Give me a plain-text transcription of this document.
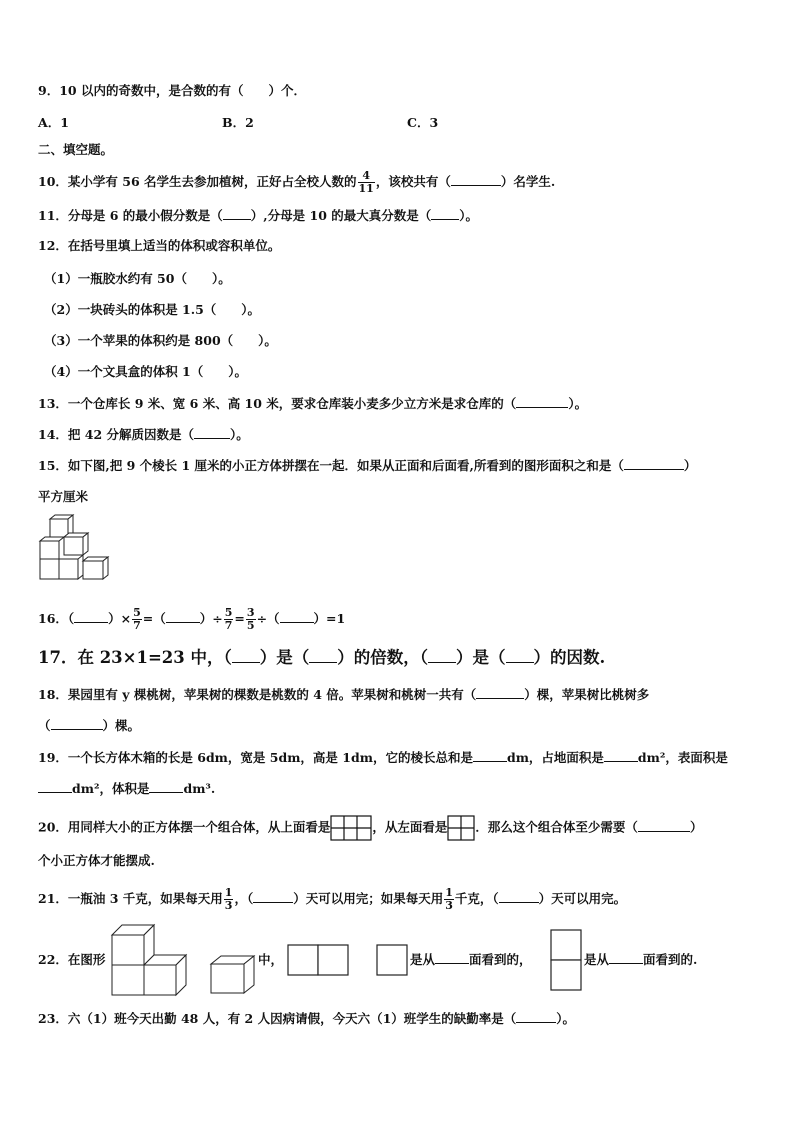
9．10 以内的奇数中，是合数的有（　　）个．
A．1	B．2	C．3
二、填空题。
10．某小学有 56 名学生去参加植树，正好占全校人数的 $\frac{4}{11}$ ，该校共有（	）名学生.
11．分母是 6 的最小假分数是（ ）,分母是 10 的最大真分数是（ ）。
12．在括号里填上适当的体积或容积单位。
（1）一瓶胶水约有 50（　　）。
（2）一块砖头的体积是 1.5（　　）。
（3）一个苹果的体积约是 800（　　）。
（4）一个文具盒的体积 1（　　）。
13．一个仓库长 9 米、宽 6 米、高 10 米，要求仓库装小麦多少立方米是求仓库的（	）。
14．把 42 分解质因数是（	）。
15．如下图,把 9 个棱长 1 厘米的小正方体拼摆在一起．如果从正面和后面看,所看到的图形面积之和是（	）
平方厘米
16．（	）× $\frac{5}{7}$ =（	）÷ $\frac{5}{7} = \frac{3}{5}$ ÷（	）=1
17．在 23×1=23 中，（ ）是（ ）的倍数，（ ）是（ ）的因数.
18．果园里有 y 棵桃树，苹果树的棵数是桃数的 4 倍。苹果树和桃树一共有（	）棵，苹果树比桃树多
（	）棵。
19．一个长方体木箱的长是 6dm，宽是 5dm，高是 1dm，它的棱长总和是	dm，占地面积是	dm²，表面积是
dm²，体积是	dm³.
20．用同样大小的正方体摆一个组合体，从上面看是	，从左面看是 ．那么这个组合体至少需要（	）
个小正方体才能摆成.
21．一瓶油 3 千克，如果每天用 $\frac{1}{3}$ ，（	）天可以用完；如果每天用 $\frac{1}{3}$ 千克，（	）天可以用完。
22．在图形	中，	是从	面看到的，	是从	面看到的.
23．六（1）班今天出勤 48 人，有 2 人因病请假，今天六（1）班学生的缺勤率是（	）。
